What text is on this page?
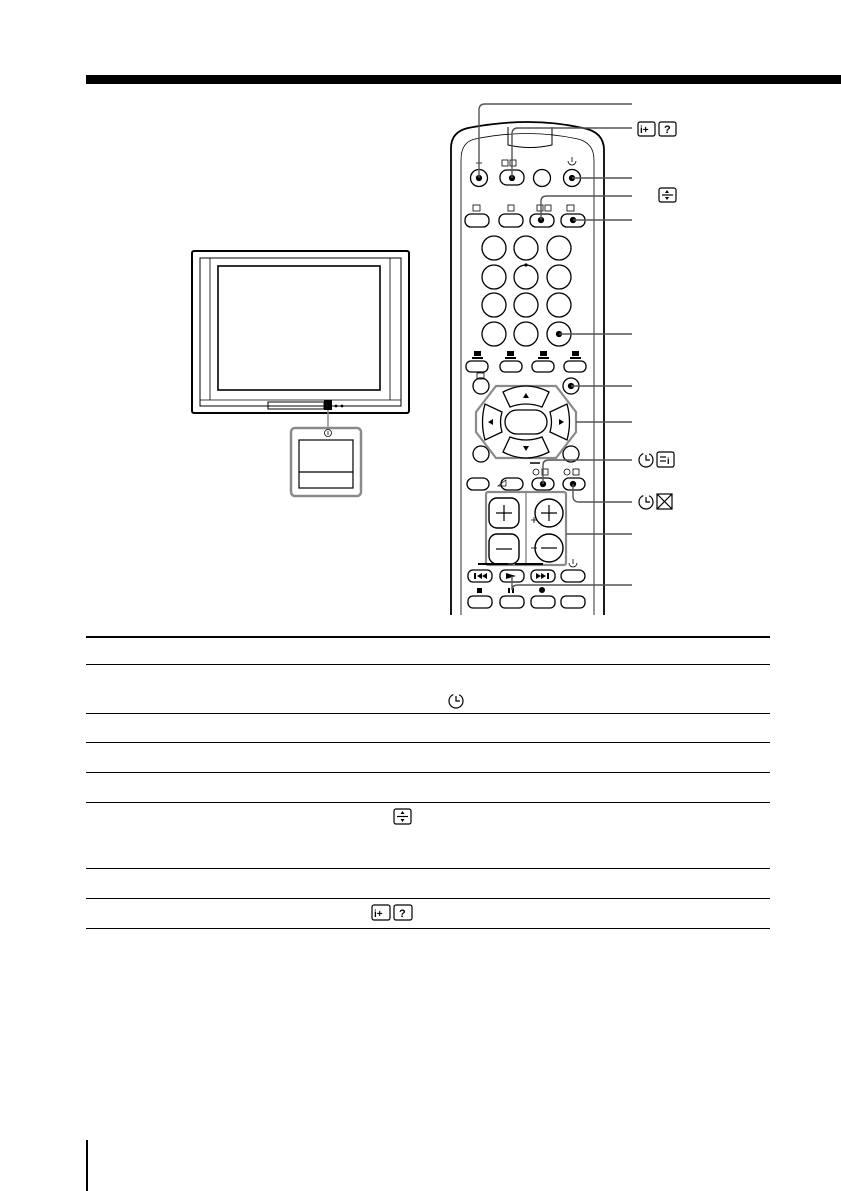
i+ ?
i
i+ ?
